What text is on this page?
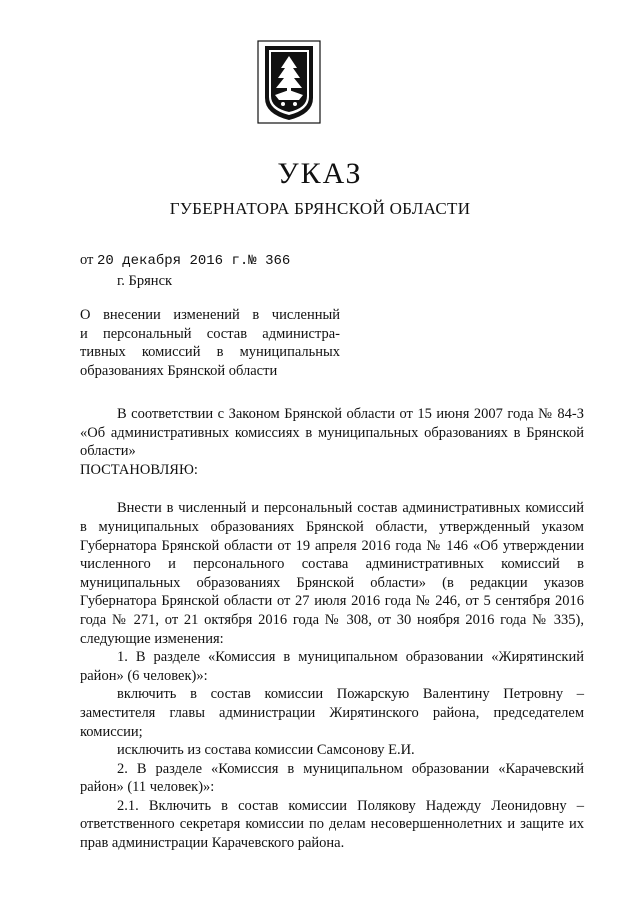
УКАЗ
ГУБЕРНАТОРА БРЯНСКОЙ ОБЛАСТИ
от 20 декабря 2016 г.№ 366
г. Брянск
О внесении изменений в численный
и персональный состав администра-
тивных комиссий в муниципальных
образованиях Брянской области

В соответствии с Законом Брянской области от 15 июня 2007 года № 84-З «Об административных комиссиях в муниципальных образованиях в Брянской области»

ПОСТАНОВЛЯЮ:

Внести в численный и персональный состав административных комиссий в муниципальных образованиях Брянской области, утвержденный указом Губернатора Брянской области от 19 апреля 2016 года № 146 «Об утверждении численного и персонального состава административных комиссий в муниципальных образованиях Брянской области» (в редакции указов Губернатора Брянской области от 27 июля 2016 года № 246, от 5 сентября 2016 года № 271, от 21 октября 2016 года № 308, от 30 ноября 2016 года № 335), следующие изменения:

1. В разделе «Комиссия в муниципальном образовании «Жирятинский район» (6 человек)»:

включить в состав комиссии Пожарскую Валентину Петровну – заместителя главы администрации Жирятинского района, председателем комиссии;

исключить из состава комиссии Самсонову Е.И.

2. В разделе «Комиссия в муниципальном образовании «Карачевский район» (11 человек)»:

2.1. Включить в состав комиссии Полякову Надежду Леонидовну – ответственного секретаря комиссии по делам несовершеннолетних и защите их прав администрации Карачевского района.
